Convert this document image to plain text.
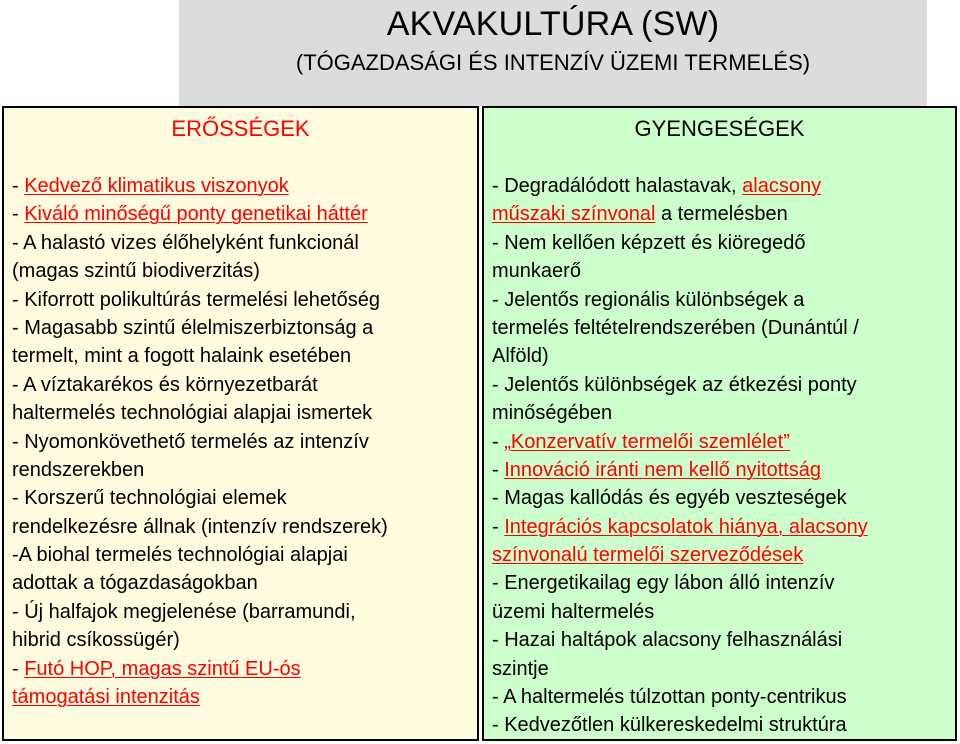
AKVAKULTÚRA (SW)
(TÓGAZDASÁGI ÉS INTENZÍV ÜZEMI TERMELÉS)
ERŐSSÉGEK
- Kedvező klimatikus viszonyok
- Kiváló minőségű ponty genetikai háttér
- A halastó vizes élőhelyként funkcionál
(magas szintű biodiverzitás)
- Kiforrott polikultúrás termelési lehetőség
- Magasabb szintű élelmiszerbiztonság a
termelt, mint a fogott halaink esetében
- A víztakarékos és környezetbarát
haltermelés technológiai alapjai ismertek
- Nyomonkövethető termelés az intenzív
rendszerekben
- Korszerű technológiai elemek
rendelkezésre állnak (intenzív rendszerek)
-A biohal termelés technológiai alapjai
adottak a tógazdaságokban
- Új halfajok megjelenése (barramundi,
hibrid csíkossügér)
- Futó HOP, magas szintű EU-ós
támogatási intenzitás
GYENGESÉGEK
- Degradálódott halastavak, alacsony
műszaki színvonal a termelésben
- Nem kellően képzett és kiöregedő
munkaerő
- Jelentős regionális különbségek a
termelés feltételrendszerében (Dunántúl /
Alföld)
- Jelentős különbségek az étkezési ponty
minőségében
- „Konzervatív termelői szemlélet”
- Innováció iránti nem kellő nyitottság
- Magas kallódás és egyéb veszteségek
- Integrációs kapcsolatok hiánya, alacsony
színvonalú termelői szerveződések
- Energetikailag egy lábon álló intenzív
üzemi haltermelés
- Hazai haltápok alacsony felhasználási
szintje
- A haltermelés túlzottan ponty-centrikus
- Kedvezőtlen külkereskedelmi struktúra
